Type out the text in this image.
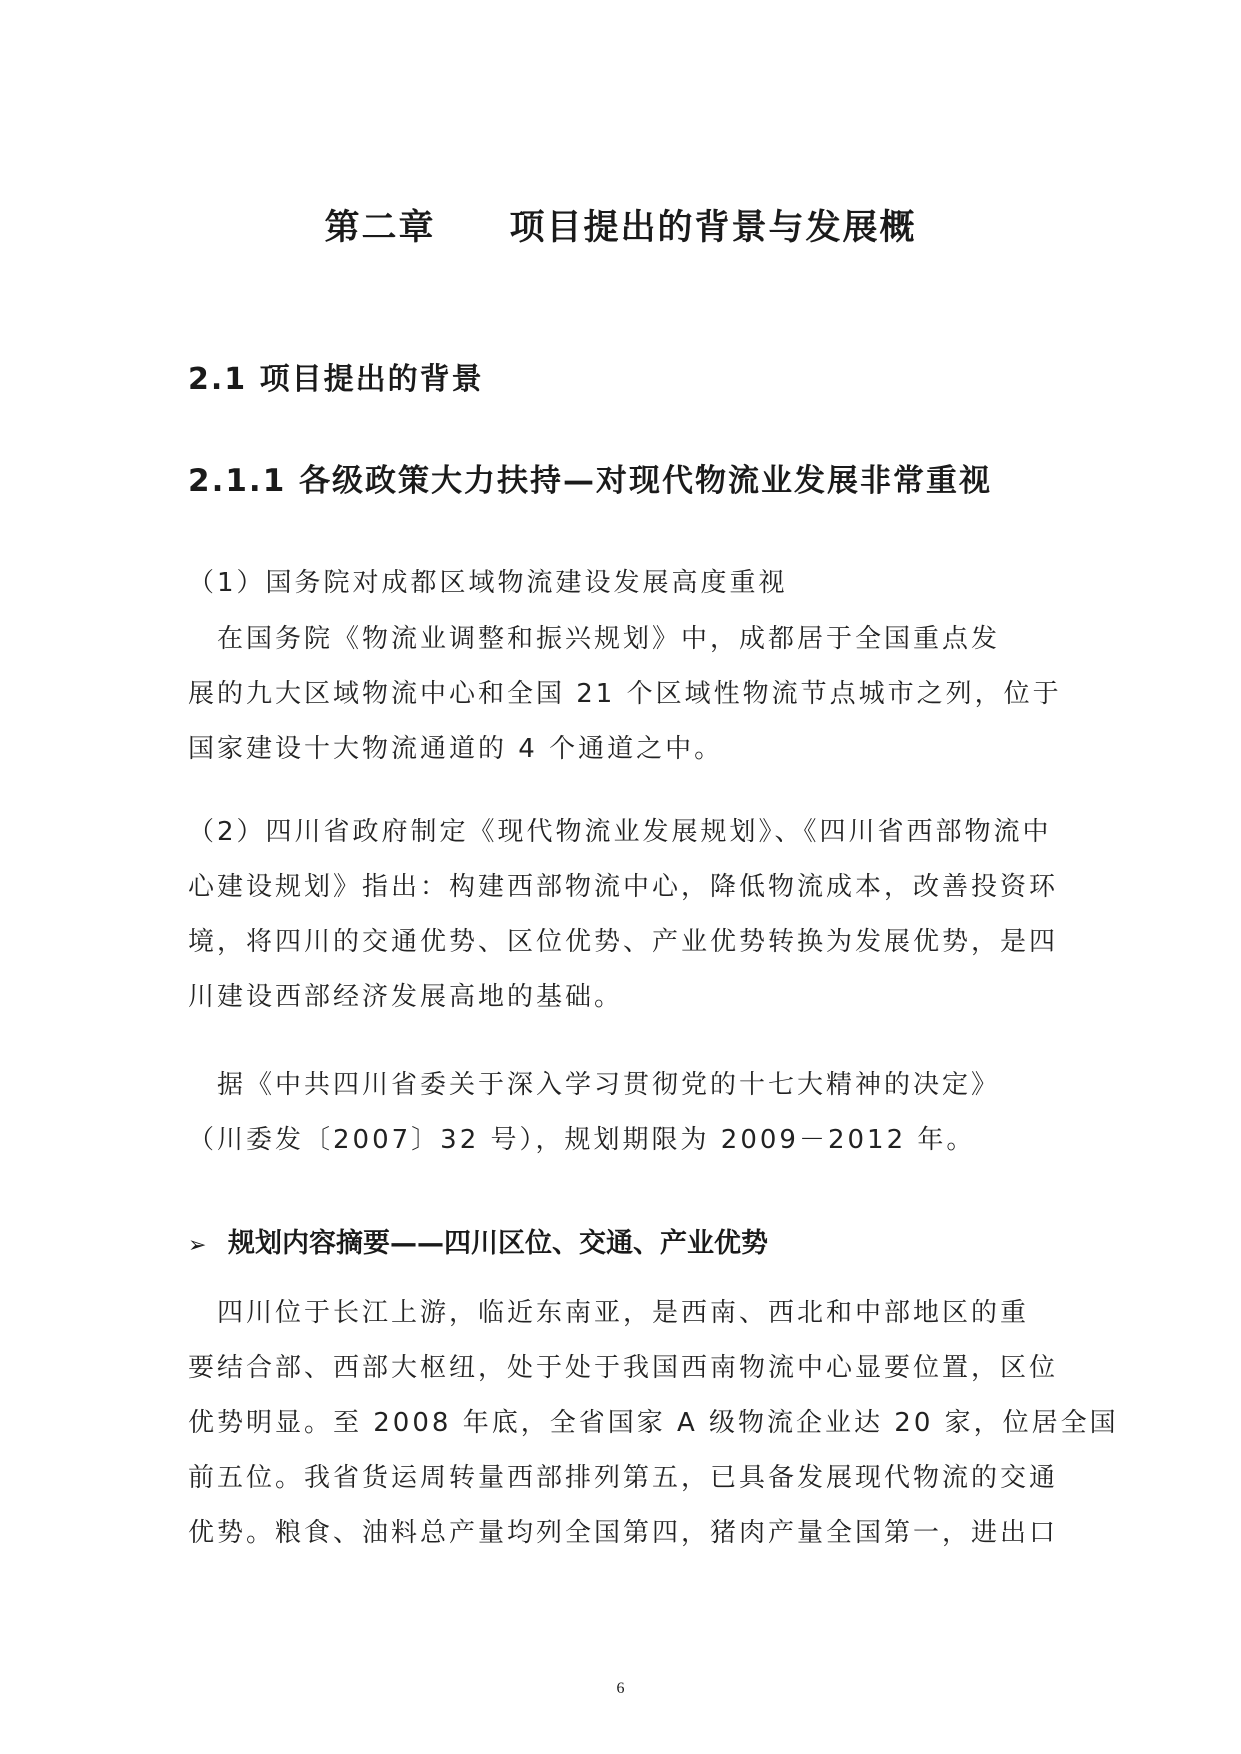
第二章　　项目提出的背景与发展概
2.1 项目提出的背景
2.1.1 各级政策大力扶持—对现代物流业发展非常重视
（1）国务院对成都区域物流建设发展高度重视
　在国务院《物流业调整和振兴规划》中，成都居于全国重点发
展的九大区域物流中心和全国 21 个区域性物流节点城市之列，位于
国家建设十大物流通道的 4 个通道之中。
（2）四川省政府制定《现代物流业发展规划》、《四川省西部物流中
心建设规划》指出：构建西部物流中心，降低物流成本，改善投资环
境，将四川的交通优势、区位优势、产业优势转换为发展优势，是四
川建设西部经济发展高地的基础。
　据《中共四川省委关于深入学习贯彻党的十七大精神的决定》
（川委发〔2007〕32 号），规划期限为 2009－2012 年。
➢ 规划内容摘要——四川区位、交通、产业优势
　四川位于长江上游，临近东南亚，是西南、西北和中部地区的重
要结合部、西部大枢纽，处于处于我国西南物流中心显要位置，区位
优势明显。至 2008 年底，全省国家 A 级物流企业达 20 家，位居全国
前五位。我省货运周转量西部排列第五，已具备发展现代物流的交通
优势。粮食、油料总产量均列全国第四，猪肉产量全国第一，进出口
6
